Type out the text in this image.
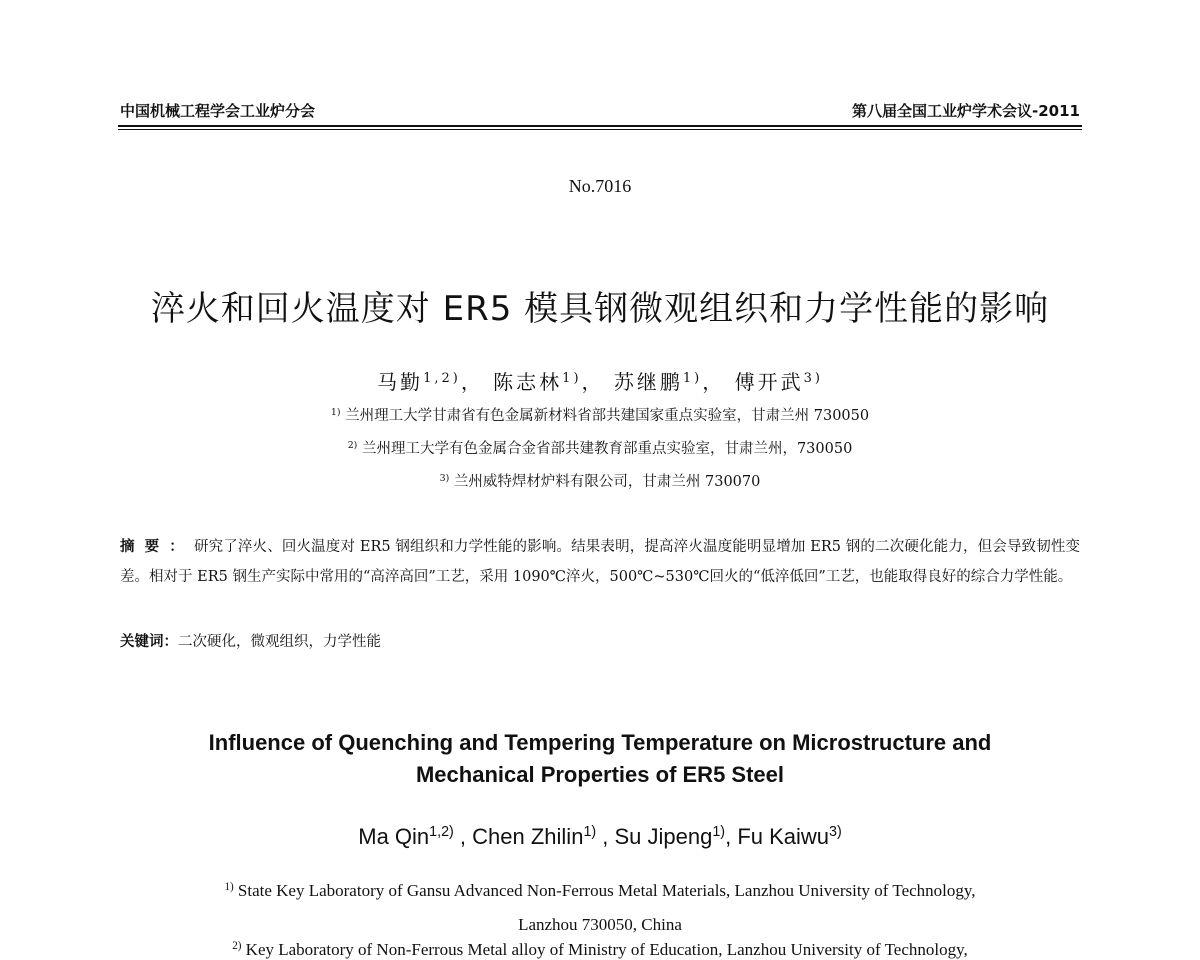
中国机械工程学会工业炉分会	第八届全国工业炉学术会议-2011
No.7016
淬火和回火温度对 ER5 模具钢微观组织和力学性能的影响
马勤$^{1,2)}$， 陈志林$^{1)}$， 苏继鹏$^{1)}$， 傅开武$^{3)}$
$^{1)}$ 兰州理工大学甘肃省有色金属新材料省部共建国家重点实验室，甘肃兰州 730050
$^{2)}$ 兰州理工大学有色金属合金省部共建教育部重点实验室，甘肃兰州，730050
$^{3)}$ 兰州威特焊材炉料有限公司，甘肃兰州 730070
摘要：研究了淬火、回火温度对 ER5 钢组织和力学性能的影响。结果表明，提高淬火温度能明显增加 ER5 钢的二次硬化能力，但会导致韧性变差。相对于 ER5 钢生产实际中常用的“高淬高回”工艺，采用 1090℃淬火，500℃~530℃回火的“低淬低回”工艺，也能取得良好的综合力学性能。
关键词：二次硬化，微观组织，力学性能
Influence of Quenching and Tempering Temperature on Microstructure and
Mechanical Properties of ER5 Steel
Ma Qin$^{1,2)}$ , Chen Zhilin$^{1)}$ , Su Jipeng$^{1)}$, Fu Kaiwu$^{3)}$
$^{1)}$ State Key Laboratory of Gansu Advanced Non-Ferrous Metal Materials, Lanzhou University of Technology,
Lanzhou 730050, China
$^{2)}$ Key Laboratory of Non-Ferrous Metal alloy of Ministry of Education, Lanzhou University of Technology,
